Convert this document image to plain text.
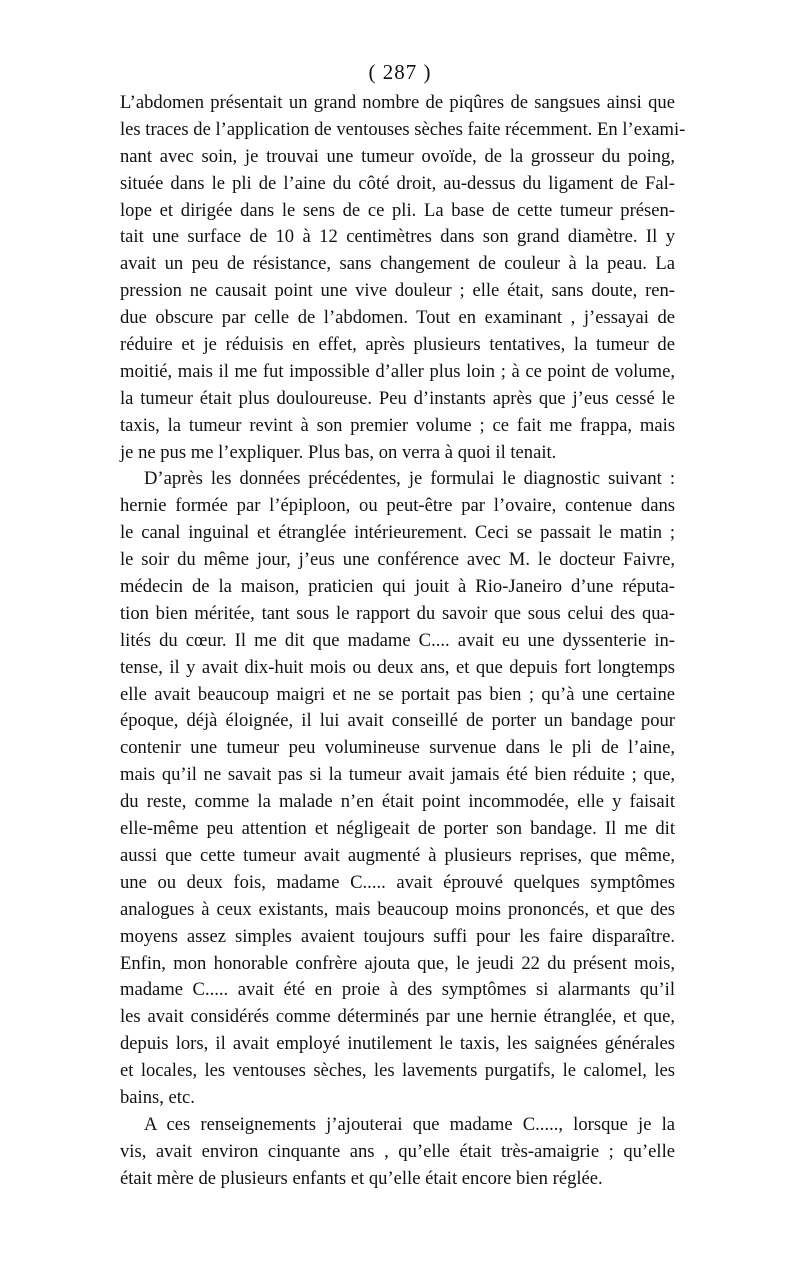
( 287 )
L’abdomen présentait un grand nombre de piqûres de sangsues ainsi que
les traces de l’application de ventouses sèches faite récemment. En l’exami-
nant avec soin, je trouvai une tumeur ovoïde, de la grosseur du poing,
située dans le pli de l’aine du côté droit, au-dessus du ligament de Fal-
lope et dirigée dans le sens de ce pli. La base de cette tumeur présen-
tait une surface de 10 à 12 centimètres dans son grand diamètre. Il y
avait un peu de résistance, sans changement de couleur à la peau. La
pression ne causait point une vive douleur ; elle était, sans doute, ren-
due obscure par celle de l’abdomen. Tout en examinant , j’essayai de
réduire et je réduisis en effet, après plusieurs tentatives, la tumeur de
moitié, mais il me fut impossible d’aller plus loin ; à ce point de volume,
la tumeur était plus douloureuse. Peu d’instants après que j’eus cessé le
taxis, la tumeur revint à son premier volume ; ce fait me frappa, mais
je ne pus me l’expliquer. Plus bas, on verra à quoi il tenait.
D’après les données précédentes, je formulai le diagnostic suivant :
hernie formée par l’épiploon, ou peut-être par l’ovaire, contenue dans
le canal inguinal et étranglée intérieurement. Ceci se passait le matin ;
le soir du même jour, j’eus une conférence avec M. le docteur Faivre,
médecin de la maison, praticien qui jouit à Rio-Janeiro d’une réputa-
tion bien méritée, tant sous le rapport du savoir que sous celui des qua-
lités du cœur. Il me dit que madame C.... avait eu une dyssenterie in-
tense, il y avait dix-huit mois ou deux ans, et que depuis fort longtemps
elle avait beaucoup maigri et ne se portait pas bien ; qu’à une certaine
époque, déjà éloignée, il lui avait conseillé de porter un bandage pour
contenir une tumeur peu volumineuse survenue dans le pli de l’aine,
mais qu’il ne savait pas si la tumeur avait jamais été bien réduite ; que,
du reste, comme la malade n’en était point incommodée, elle y faisait
elle-même peu attention et négligeait de porter son bandage. Il me dit
aussi que cette tumeur avait augmenté à plusieurs reprises, que même,
une ou deux fois, madame C..... avait éprouvé quelques symptômes
analogues à ceux existants, mais beaucoup moins prononcés, et que des
moyens assez simples avaient toujours suffi pour les faire disparaître.
Enfin, mon honorable confrère ajouta que, le jeudi 22 du présent mois,
madame C..... avait été en proie à des symptômes si alarmants qu’il
les avait considérés comme déterminés par une hernie étranglée, et que,
depuis lors, il avait employé inutilement le taxis, les saignées générales
et locales, les ventouses sèches, les lavements purgatifs, le calomel, les
bains, etc.
A ces renseignements j’ajouterai que madame C....., lorsque je la
vis, avait environ cinquante ans , qu’elle était très-amaigrie ; qu’elle
était mère de plusieurs enfants et qu’elle était encore bien réglée.
